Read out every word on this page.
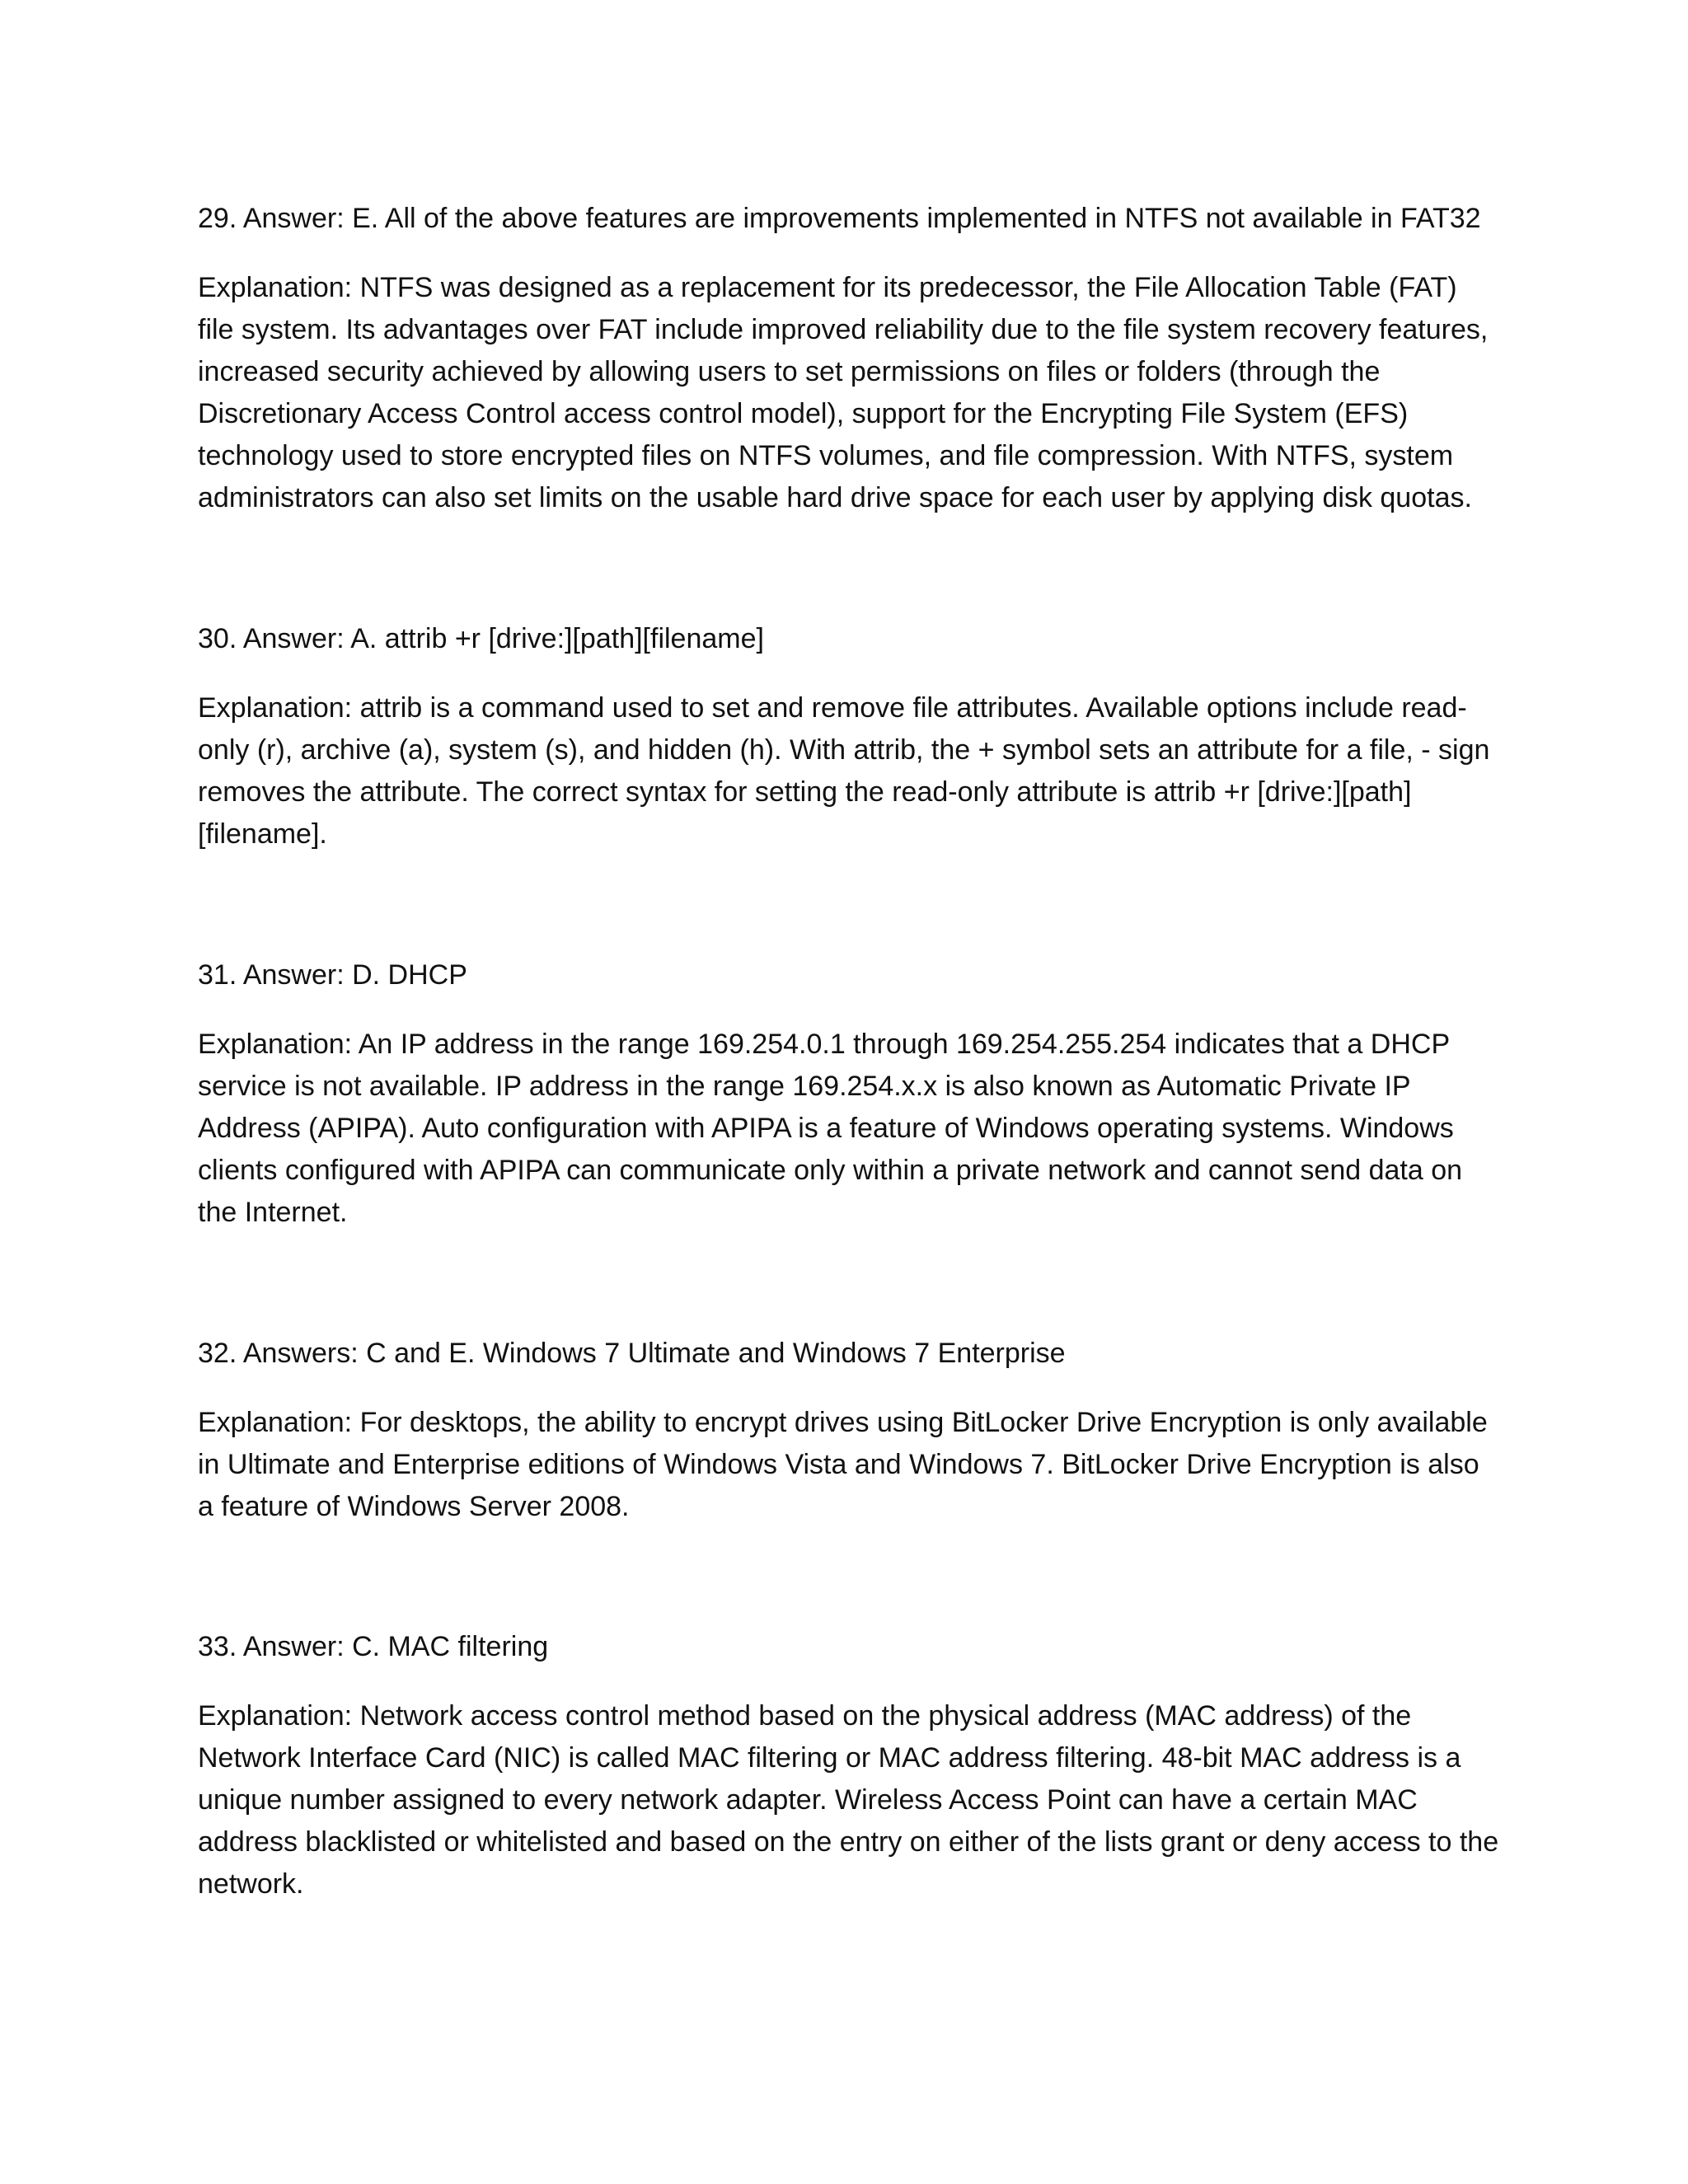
29. Answer: E. All of the above features are improvements implemented in NTFS not available in FAT32

Explanation: NTFS was designed as a replacement for its predecessor, the File Allocation Table (FAT) file system. Its advantages over FAT include improved reliability due to the file system recovery features, increased security achieved by allowing users to set permissions on files or folders (through the Discretionary Access Control access control model), support for the Encrypting File System (EFS) technology used to store encrypted files on NTFS volumes, and file compression. With NTFS, system administrators can also set limits on the usable hard drive space for each user by applying disk quotas.

30. Answer: A. attrib +r [drive:][path][filename]

Explanation: attrib is a command used to set and remove file attributes. Available options include read-only (r), archive (a), system (s), and hidden (h). With attrib, the + symbol sets an attribute for a file, - sign removes the attribute. The correct syntax for setting the read-only attribute is attrib +r [drive:][path][filename].

31. Answer: D. DHCP

Explanation: An IP address in the range 169.254.0.1 through 169.254.255.254 indicates that a DHCP service is not available. IP address in the range 169.254.x.x is also known as Automatic Private IP Address (APIPA). Auto configuration with APIPA is a feature of Windows operating systems. Windows clients configured with APIPA can communicate only within a private network and cannot send data on the Internet.

32. Answers: C and E. Windows 7 Ultimate and Windows 7 Enterprise

Explanation: For desktops, the ability to encrypt drives using BitLocker Drive Encryption is only available in Ultimate and Enterprise editions of Windows Vista and Windows 7. BitLocker Drive Encryption is also a feature of Windows Server 2008.

33. Answer: C. MAC filtering

Explanation: Network access control method based on the physical address (MAC address) of the Network Interface Card (NIC) is called MAC filtering or MAC address filtering. 48-bit MAC address is a unique number assigned to every network adapter. Wireless Access Point can have a certain MAC address blacklisted or whitelisted and based on the entry on either of the lists grant or deny access to the network.
